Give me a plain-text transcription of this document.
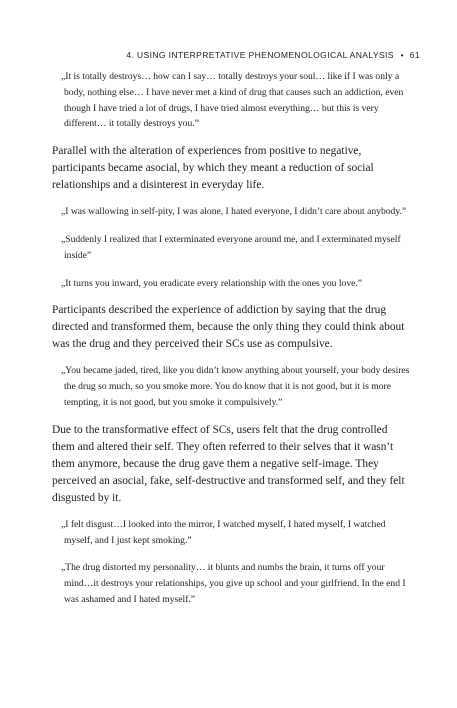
4. USING INTERPRETATIVE PHENOMENOLOGICAL ANALYSIS • 61

„It is totally destroys… how can I say… totally destroys your soul… like if I was only a body, nothing else… I have never met a kind of drug that causes such an addiction, even though I have tried a lot of drugs, I have tried almost everything… but this is very different… it totally destroys you.”

Parallel with the alteration of experiences from positive to negative, participants became asocial, by which they meant a reduction of social relationships and a disinterest in everyday life.

„I was wallowing in self-pity, I was alone, I hated everyone, I didn’t care about anybody.”

„Suddenly I realized that I exterminated everyone around me, and I exterminated myself inside”

„It turns you inward, you eradicate every relationship with the ones you love.”

Participants described the experience of addiction by saying that the drug directed and transformed them, because the only thing they could think about was the drug and they perceived their SCs use as compulsive.

„You became jaded, tired, like you didn’t know anything about yourself, your body desires the drug so much, so you smoke more. You do know that it is not good, but it is more tempting, it is not good, but you smoke it compulsively.”

Due to the transformative effect of SCs, users felt that the drug controlled them and altered their self. They often referred to their selves that it wasn’t them anymore, because the drug gave them a negative self-image. They perceived an asocial, fake, self-destructive and transformed self, and they felt disgusted by it.

„I felt disgust…I looked into the mirror, I watched myself, I hated myself, I watched myself, and I just kept smoking.”

„The drug distorted my personality… it blunts and numbs the brain, it turns off your mind…it destroys your relationships, you give up school and your girlfriend. In the end I was ashamed and I hated myself.”
